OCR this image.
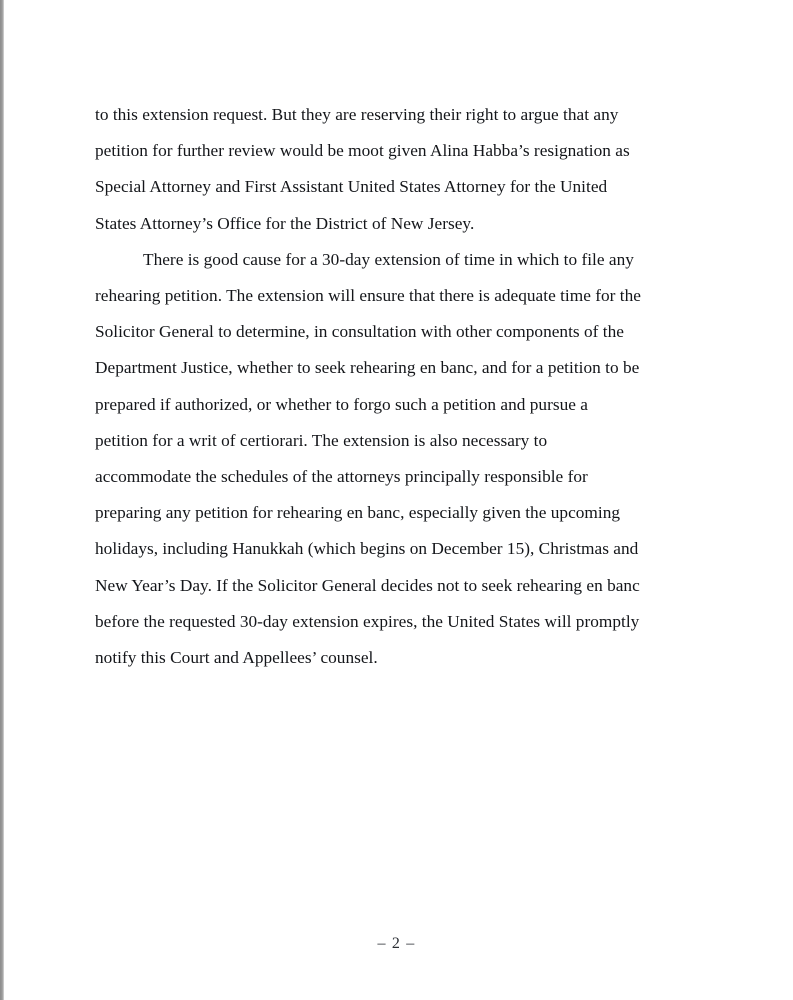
to this extension request. But they are reserving their right to argue that any
petition for further review would be moot given Alina Habba’s resignation as
Special Attorney and First Assistant United States Attorney for the United
States Attorney’s Office for the District of New Jersey.

There is good cause for a 30-day extension of time in which to file any
rehearing petition. The extension will ensure that there is adequate time for the
Solicitor General to determine, in consultation with other components of the
Department Justice, whether to seek rehearing en banc, and for a petition to be
prepared if authorized, or whether to forgo such a petition and pursue a
petition for a writ of certiorari. The extension is also necessary to
accommodate the schedules of the attorneys principally responsible for
preparing any petition for rehearing en banc, especially given the upcoming
holidays, including Hanukkah (which begins on December 15), Christmas and
New Year’s Day. If the Solicitor General decides not to seek rehearing en banc
before the requested 30-day extension expires, the United States will promptly
notify this Court and Appellees’ counsel.

– 2 –
